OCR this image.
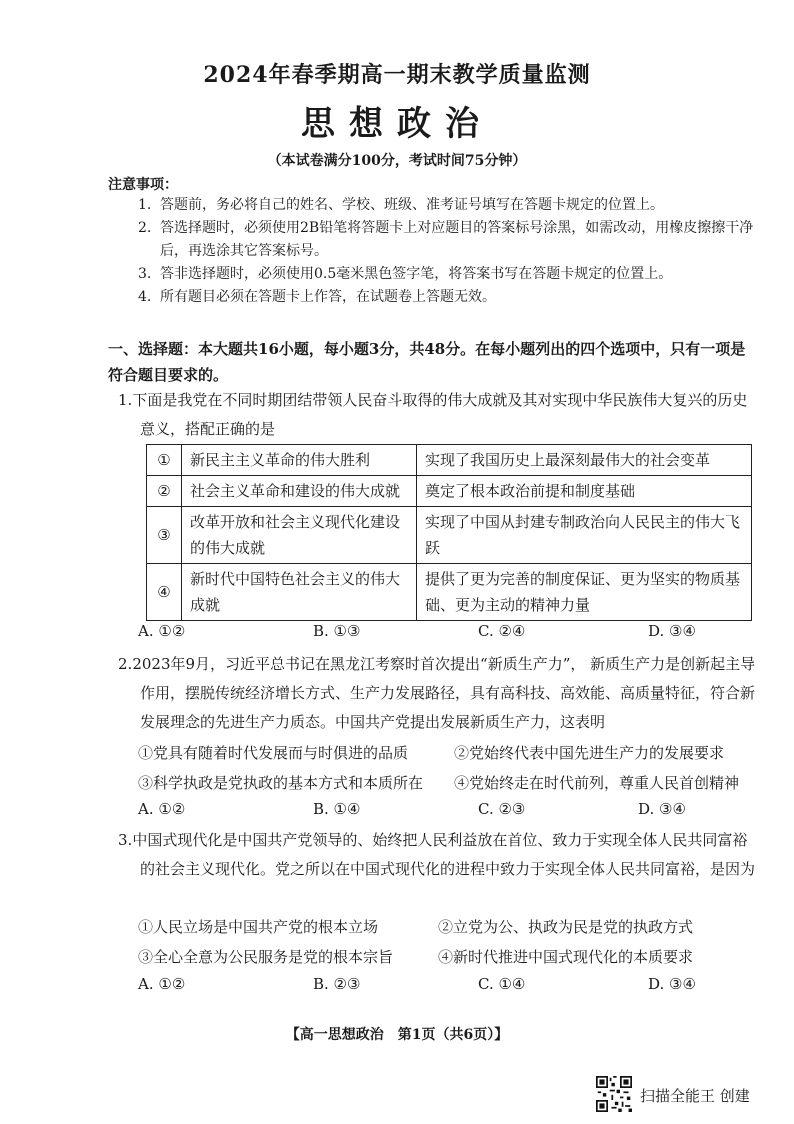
2024年春季期高一期末教学质量监测
思想政治
（本试卷满分100分，考试时间75分钟）
注意事项：
1. 答题前，务必将自己的姓名、学校、班级、准考证号填写在答题卡规定的位置上。
2. 答选择题时，必须使用2B铅笔将答题卡上对应题目的答案标号涂黑，如需改动，用橡皮擦擦干净后，再选涂其它答案标号。
3. 答非选择题时，必须使用0.5毫米黑色签字笔，将答案书写在答题卡规定的位置上。
4. 所有题目必须在答题卡上作答，在试题卷上答题无效。
一、选择题：本大题共16小题，每小题3分，共48分。在每小题列出的四个选项中，只有一项是符合题目要求的。
1.下面是我党在不同时期团结带领人民奋斗取得的伟大成就及其对实现中华民族伟大复兴的历史意义，搭配正确的是
①	新民主主义革命的伟大胜利	实现了我国历史上最深刻最伟大的社会变革
②	社会主义革命和建设的伟大成就	奠定了根本政治前提和制度基础
③	改革开放和社会主义现代化建设的伟大成就	实现了中国从封建专制政治向人民民主的伟大飞跃
④	新时代中国特色社会主义的伟大成就	提供了更为完善的制度保证、更为坚实的物质基础、更为主动的精神力量
A. ①②	B. ①③	C. ②④	D. ③④
2.2023年9月，习近平总书记在黑龙江考察时首次提出“新质生产力”， 新质生产力是创新起主导作用，摆脱传统经济增长方式、生产力发展路径，具有高科技、高效能、高质量特征，符合新发展理念的先进生产力质态。中国共产党提出发展新质生产力，这表明
①党具有随着时代发展而与时俱进的品质	②党始终代表中国先进生产力的发展要求
③科学执政是党执政的基本方式和本质所在 ④党始终走在时代前列，尊重人民首创精神
A. ①②	B. ①④	C. ②③	D. ③④
3.中国式现代化是中国共产党领导的、始终把人民利益放在首位、致力于实现全体人民共同富裕的社会主义现代化。党之所以在中国式现代化的进程中致力于实现全体人民共同富裕，是因为
①人民立场是中国共产党的根本立场	②立党为公、执政为民是党的执政方式
③全心全意为公民服务是党的根本宗旨	④新时代推进中国式现代化的本质要求
A. ①②	B. ②③	C. ①④	D. ③④
【高一思想政治　第1页（共6页）】
扫描全能王 创建
